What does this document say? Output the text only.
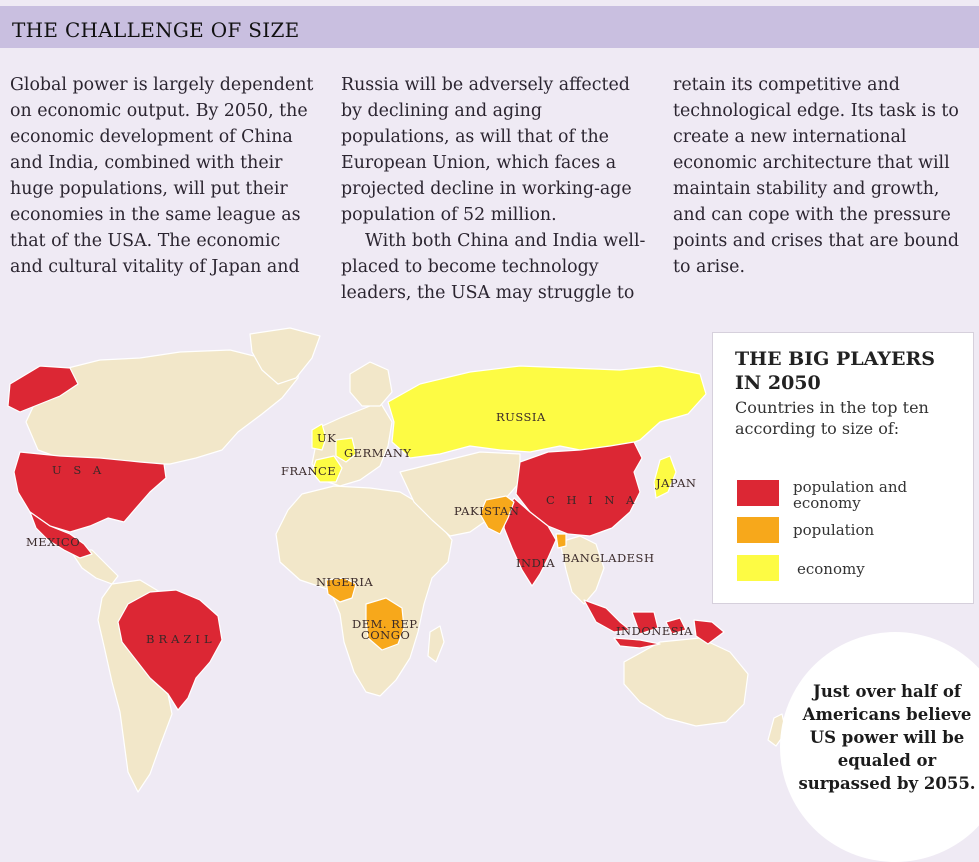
THE CHALLENGE OF SIZE

Global power is largely dependent on economic output. By 2050, the economic development of China and India, combined with their huge populations, will put their economies in the same league as that of the USA. The economic and cultural vitality of Japan and

Russia will be adversely affected by declining and aging populations, as will that of the European Union, which faces a projected decline in working-age population of 52 million.

With both China and India well-placed to become technology leaders, the USA may struggle to

retain its competitive and technological edge. Its task is to create a new international economic architecture that will maintain stability and growth, and can cope with the pressure points and crises that are bound to arise.

U S A
MEXICO
BRAZIL
UK
FRANCE
GERMANY
RUSSIA
PAKISTAN
C H I N A
JAPAN
INDIA BANGLADESH
NIGERIA
DEM. REP.
CONGO	INDONESIA
THE BIG PLAYERS IN 2050
Countries in the top ten according to size of:
population and economy
population
economy
Just over half of Americans believe US power will be equaled or surpassed by 2055.
